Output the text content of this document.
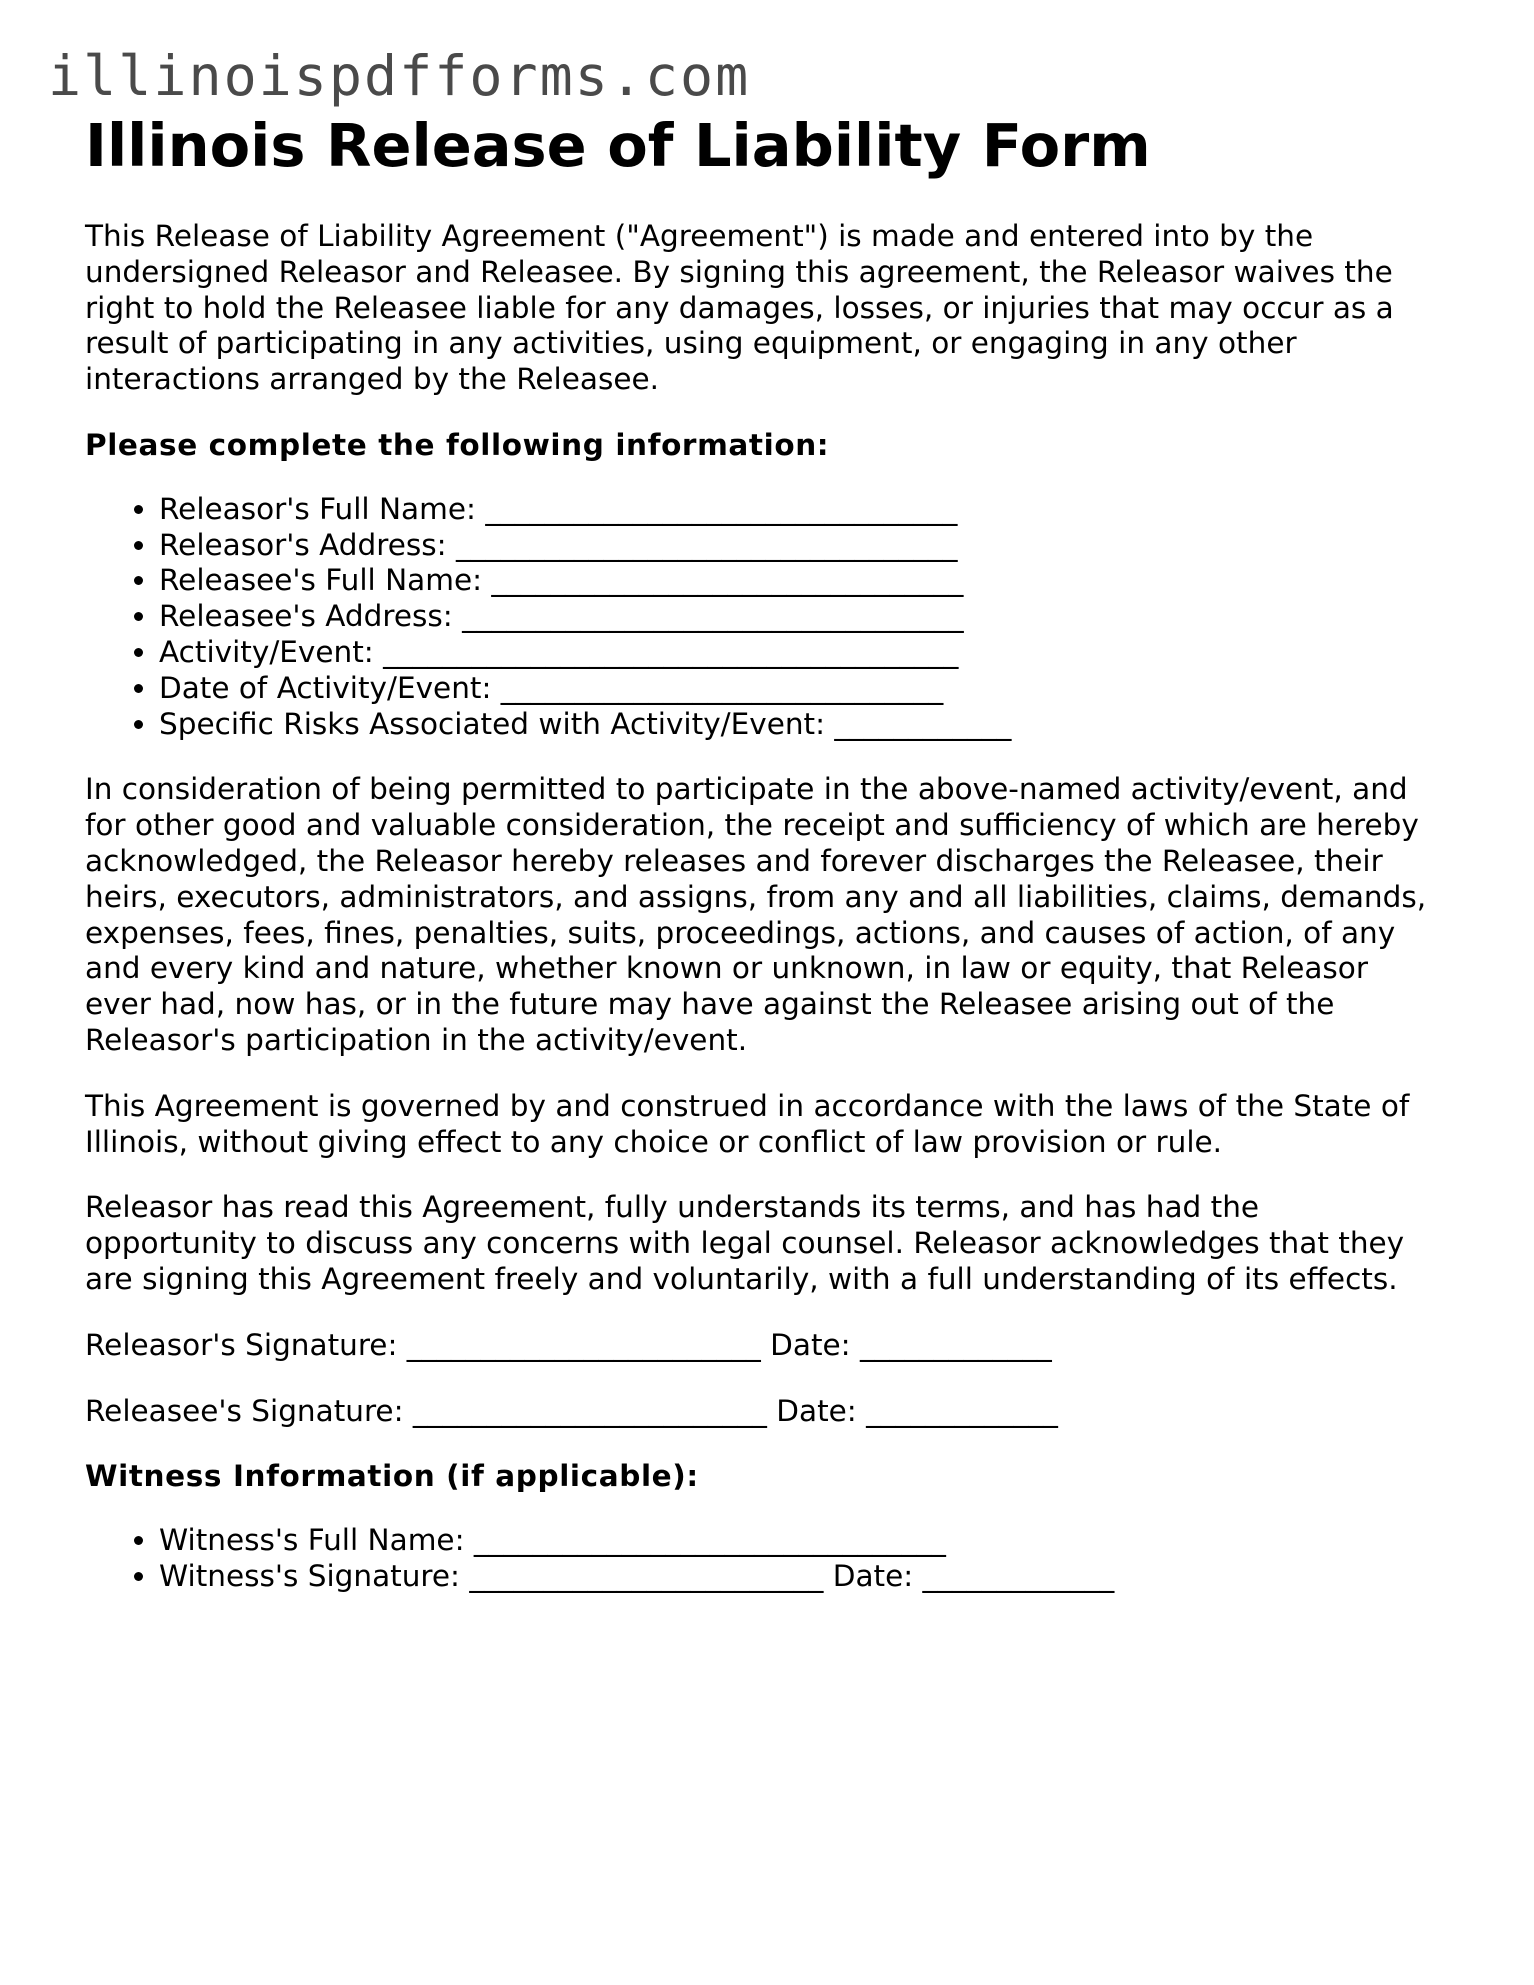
illinoispdfforms.com
Illinois Release of Liability Form

This Release of Liability Agreement ("Agreement") is made and entered into by the
undersigned Releasor and Releasee. By signing this agreement, the Releasor waives the
right to hold the Releasee liable for any damages, losses, or injuries that may occur as a
result of participating in any activities, using equipment, or engaging in any other
interactions arranged by the Releasee.

Please complete the following information:

• Releasor's Full Name: ________________________________
• Releasor's Address: __________________________________
• Releasee's Full Name: ________________________________
• Releasee's Address: __________________________________
• Activity/Event: _______________________________________
• Date of Activity/Event: ______________________________
• Specific Risks Associated with Activity/Event: ____________

In consideration of being permitted to participate in the above-named activity/event, and
for other good and valuable consideration, the receipt and sufficiency of which are hereby
acknowledged, the Releasor hereby releases and forever discharges the Releasee, their
heirs, executors, administrators, and assigns, from any and all liabilities, claims, demands,
expenses, fees, fines, penalties, suits, proceedings, actions, and causes of action, of any
and every kind and nature, whether known or unknown, in law or equity, that Releasor
ever had, now has, or in the future may have against the Releasee arising out of the
Releasor's participation in the activity/event.

This Agreement is governed by and construed in accordance with the laws of the State of
Illinois, without giving effect to any choice or conflict of law provision or rule.

Releasor has read this Agreement, fully understands its terms, and has had the
opportunity to discuss any concerns with legal counsel. Releasor acknowledges that they
are signing this Agreement freely and voluntarily, with a full understanding of its effects.

Releasor's Signature: ________________________ Date: _____________

Releasee's Signature: ________________________ Date: _____________

Witness Information (if applicable):

• Witness's Full Name: ________________________________
• Witness's Signature: ________________________ Date: _____________
